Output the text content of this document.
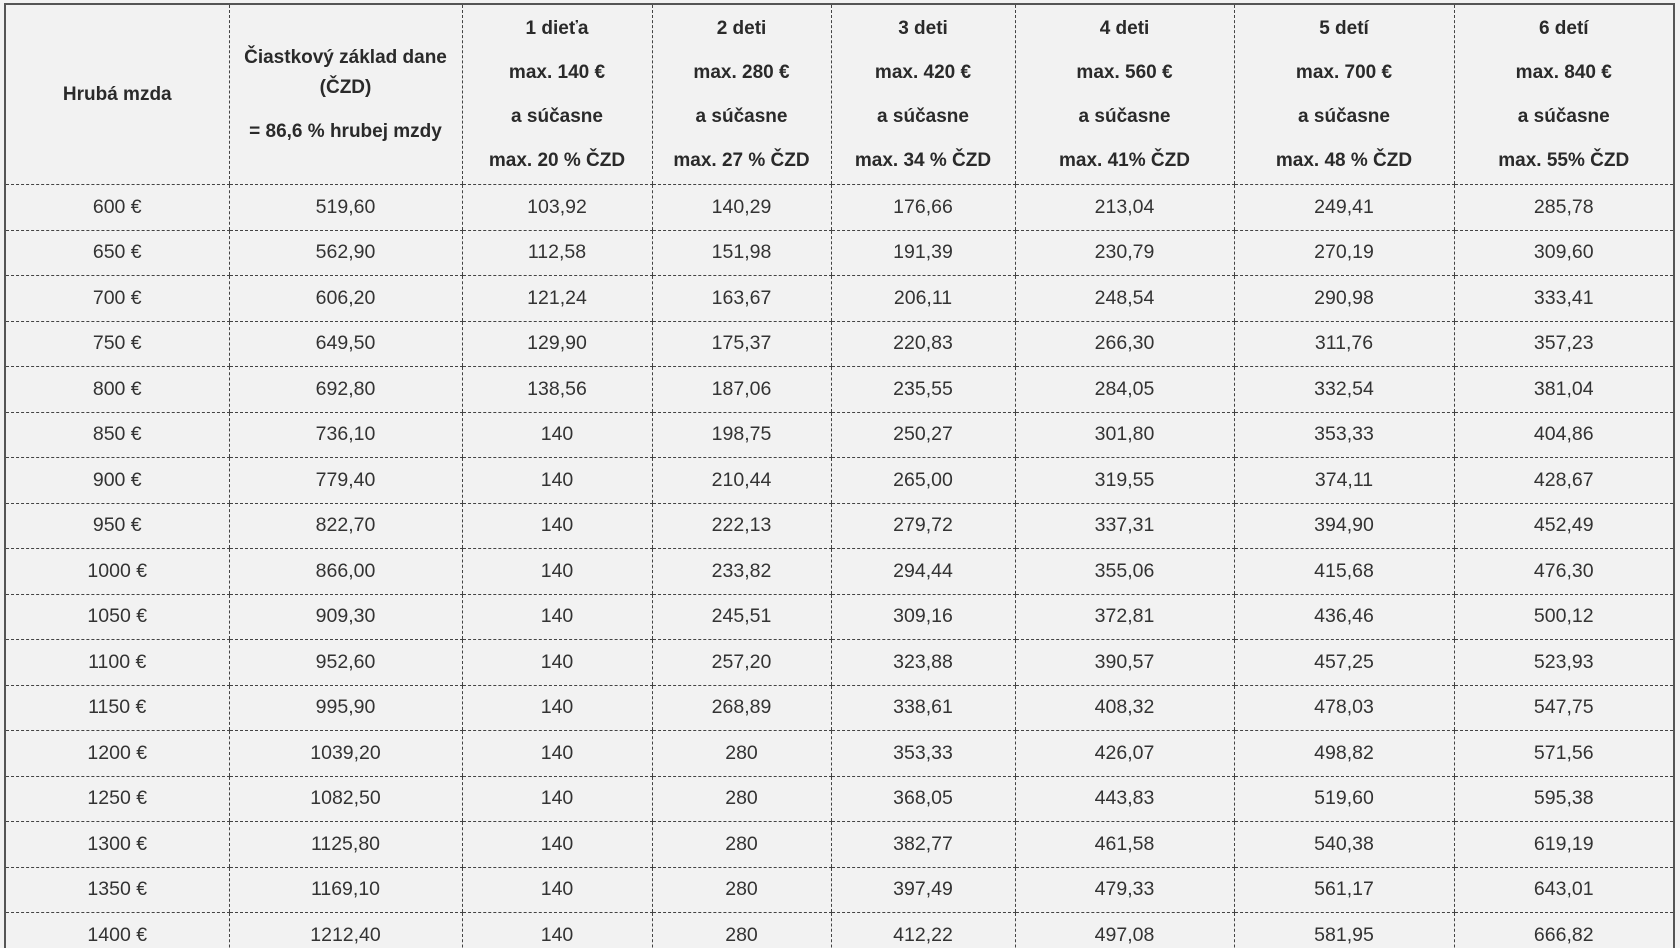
Hrubá mzda	Čiastkový základ dane
(ČZD)
= 86,6 % hrubej mzdy	1 dieťa
max. 140 €
a súčasne
max. 20 % ČZD	2 deti
max. 280 €
a súčasne
max. 27 % ČZD	3 deti
max. 420 €
a súčasne
max. 34 % ČZD	4 deti
max. 560 €
a súčasne
max. 41% ČZD	5 detí
max. 700 €
a súčasne
max. 48 % ČZD	6 detí
max. 840 €
a súčasne
max. 55% ČZD

600 €	519,60	103,92	140,29	176,66	213,04	249,41	285,78
650 €	562,90	112,58	151,98	191,39	230,79	270,19	309,60
700 €	606,20	121,24	163,67	206,11	248,54	290,98	333,41
750 €	649,50	129,90	175,37	220,83	266,30	311,76	357,23
800 €	692,80	138,56	187,06	235,55	284,05	332,54	381,04
850 €	736,10	140	198,75	250,27	301,80	353,33	404,86
900 €	779,40	140	210,44	265,00	319,55	374,11	428,67
950 €	822,70	140	222,13	279,72	337,31	394,90	452,49
1000 €	866,00	140	233,82	294,44	355,06	415,68	476,30
1050 €	909,30	140	245,51	309,16	372,81	436,46	500,12
1100 €	952,60	140	257,20	323,88	390,57	457,25	523,93
1150 €	995,90	140	268,89	338,61	408,32	478,03	547,75
1200 €	1039,20	140	280	353,33	426,07	498,82	571,56
1250 €	1082,50	140	280	368,05	443,83	519,60	595,38
1300 €	1125,80	140	280	382,77	461,58	540,38	619,19
1350 €	1169,10	140	280	397,49	479,33	561,17	643,01
1400 €	1212,40	140	280	412,22	497,08	581,95	666,82
